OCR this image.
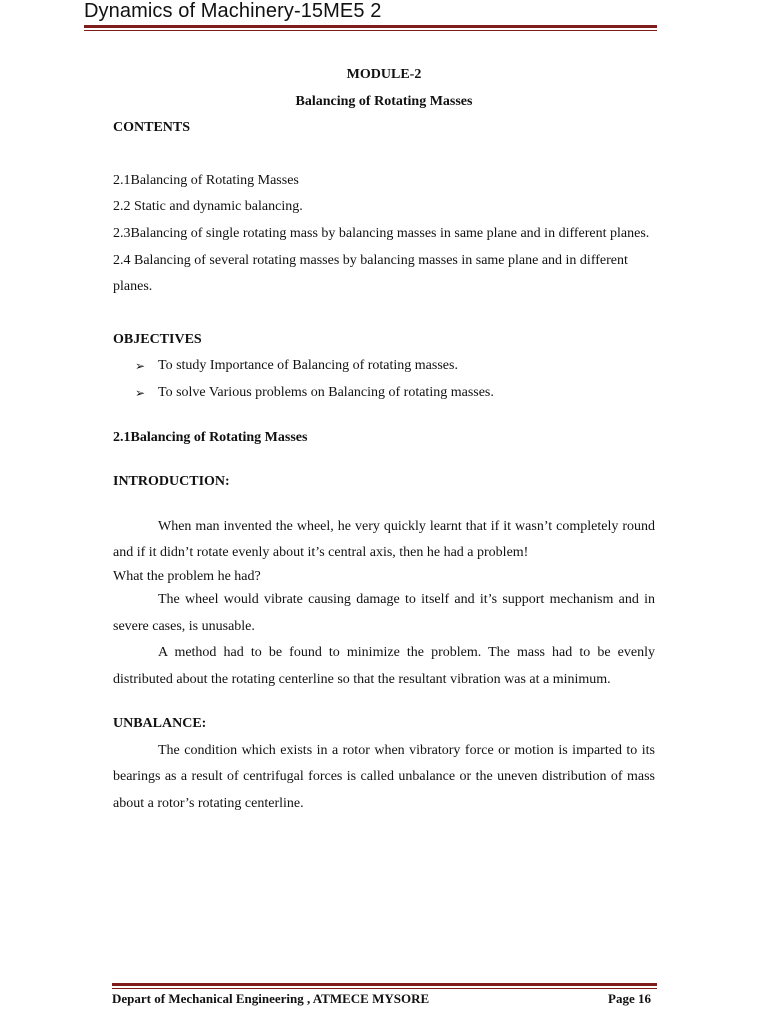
Dynamics of Machinery-15ME5 2
MODULE-2
Balancing of Rotating Masses
CONTENTS
2.1Balancing of Rotating Masses
2.2 Static and dynamic balancing.
2.3Balancing of single rotating mass by balancing masses in same plane and in different planes.
2.4 Balancing of several rotating masses by balancing masses in same plane and in different planes.
OBJECTIVES
➢ To study Importance of Balancing of rotating masses.
➢ To solve Various problems on Balancing of rotating masses.
2.1Balancing of Rotating Masses
INTRODUCTION:
When man invented the wheel, he very quickly learnt that if it wasn’t completely round and if it didn’t rotate evenly about it’s central axis, then he had a problem!
What the problem he had?
The wheel would vibrate causing damage to itself and it’s support mechanism and in severe cases, is unusable.
A method had to be found to minimize the problem. The mass had to be evenly distributed about the rotating centerline so that the resultant vibration was at a minimum.
UNBALANCE:
The condition which exists in a rotor when vibratory force or motion is imparted to its bearings as a result of centrifugal forces is called unbalance or the uneven distribution of mass about a rotor’s rotating centerline.
Depart of Mechanical Engineering , ATMECE MYSORE	Page 16
